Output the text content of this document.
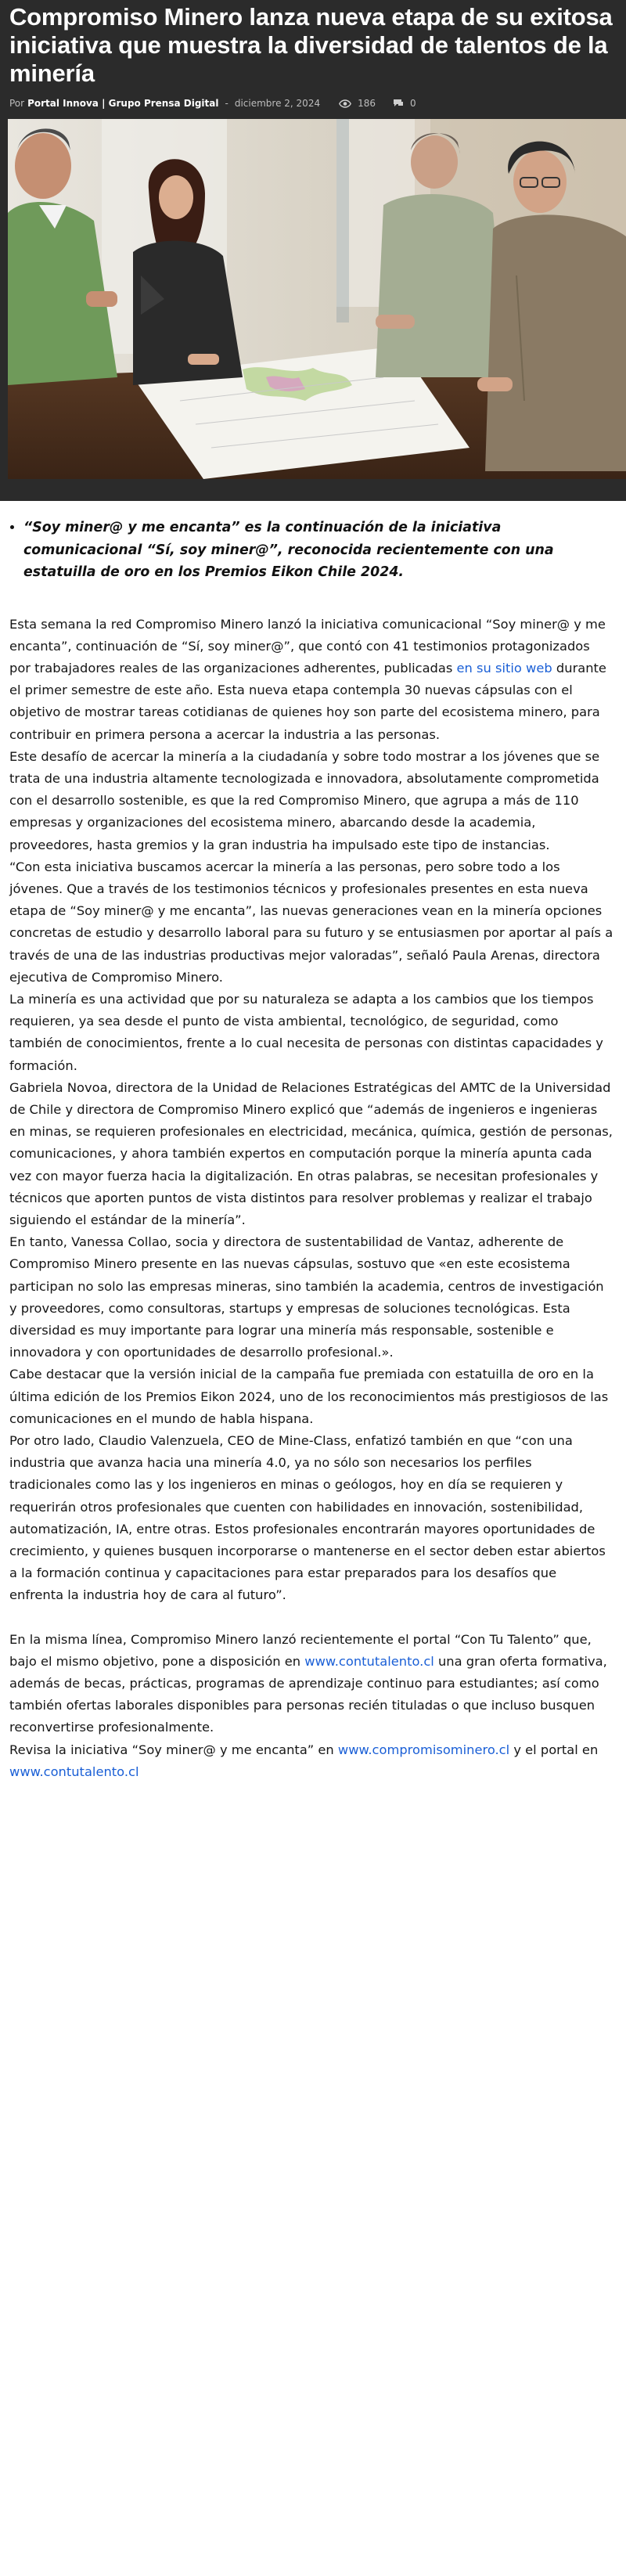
Compromiso Minero lanza nueva etapa de su exitosa iniciativa que muestra la diversidad de talentos de la minería
Por Portal Innova | Grupo Prensa Digital - diciembre 2, 2024	186	0
• “Soy miner@ y me encanta” es la continuación de la iniciativa comunicacional “Sí, soy miner@”, reconocida recientemente con una estatuilla de oro en los Premios Eikon Chile 2024.

Esta semana la red Compromiso Minero lanzó la iniciativa comunicacional “Soy miner@ y me encanta”, continuación de “Sí, soy miner@”, que contó con 41 testimonios protagonizados por trabajadores reales de las organizaciones adherentes, publicadas en su sitio web durante el primer semestre de este año. Esta nueva etapa contempla 30 nuevas cápsulas con el objetivo de mostrar tareas cotidianas de quienes hoy son parte del ecosistema minero, para contribuir en primera persona a acercar la industria a las personas.

Este desafío de acercar la minería a la ciudadanía y sobre todo mostrar a los jóvenes que se trata de una industria altamente tecnologizada e innovadora, absolutamente comprometida con el desarrollo sostenible, es que la red Compromiso Minero, que agrupa a más de 110 empresas y organizaciones del ecosistema minero, abarcando desde la academia, proveedores, hasta gremios y la gran industria ha impulsado este tipo de instancias.

“Con esta iniciativa buscamos acercar la minería a las personas, pero sobre todo a los jóvenes. Que a través de los testimonios técnicos y profesionales presentes en esta nueva etapa de “Soy miner@ y me encanta”, las nuevas generaciones vean en la minería opciones concretas de estudio y desarrollo laboral para su futuro y se entusiasmen por aportar al país a través de una de las industrias productivas mejor valoradas”, señaló Paula Arenas, directora ejecutiva de Compromiso Minero.

La minería es una actividad que por su naturaleza se adapta a los cambios que los tiempos requieren, ya sea desde el punto de vista ambiental, tecnológico, de seguridad, como también de conocimientos, frente a lo cual necesita de personas con distintas capacidades y formación.

Gabriela Novoa, directora de la Unidad de Relaciones Estratégicas del AMTC de la Universidad de Chile y directora de Compromiso Minero explicó que “además de ingenieros e ingenieras en minas, se requieren profesionales en electricidad, mecánica, química, gestión de personas, comunicaciones, y ahora también expertos en computación porque la minería apunta cada vez con mayor fuerza hacia la digitalización. En otras palabras, se necesitan profesionales y técnicos que aporten puntos de vista distintos para resolver problemas y realizar el trabajo siguiendo el estándar de la minería”.

En tanto, Vanessa Collao, socia y directora de sustentabilidad de Vantaz, adherente de Compromiso Minero presente en las nuevas cápsulas, sostuvo que «en este ecosistema participan no solo las empresas mineras, sino también la academia, centros de investigación y proveedores, como consultoras, startups y empresas de soluciones tecnológicas. Esta diversidad es muy importante para lograr una minería más responsable, sostenible e innovadora y con oportunidades de desarrollo profesional.».

Cabe destacar que la versión inicial de la campaña fue premiada con estatuilla de oro en la última edición de los Premios Eikon 2024, uno de los reconocimientos más prestigiosos de las comunicaciones en el mundo de habla hispana.

Por otro lado, Claudio Valenzuela, CEO de Mine-Class, enfatizó también en que “con una industria que avanza hacia una minería 4.0, ya no sólo son necesarios los perfiles tradicionales como las y los ingenieros en minas o geólogos, hoy en día se requieren y requerirán otros profesionales que cuenten con habilidades en innovación, sostenibilidad, automatización, IA, entre otras. Estos profesionales encontrarán mayores oportunidades de crecimiento, y quienes busquen incorporarse o mantenerse en el sector deben estar abiertos a la formación continua y capacitaciones para estar preparados para los desafíos que enfrenta la industria hoy de cara al futuro”.

En la misma línea, Compromiso Minero lanzó recientemente el portal “Con Tu Talento” que, bajo el mismo objetivo, pone a disposición en www.contutalento.cl una gran oferta formativa, además de becas, prácticas, programas de aprendizaje continuo para estudiantes; así como también ofertas laborales disponibles para personas recién tituladas o que incluso busquen reconvertirse profesionalmente.

Revisa la iniciativa “Soy miner@ y me encanta” en www.compromisominero.cl y el portal en www.contutalento.cl
